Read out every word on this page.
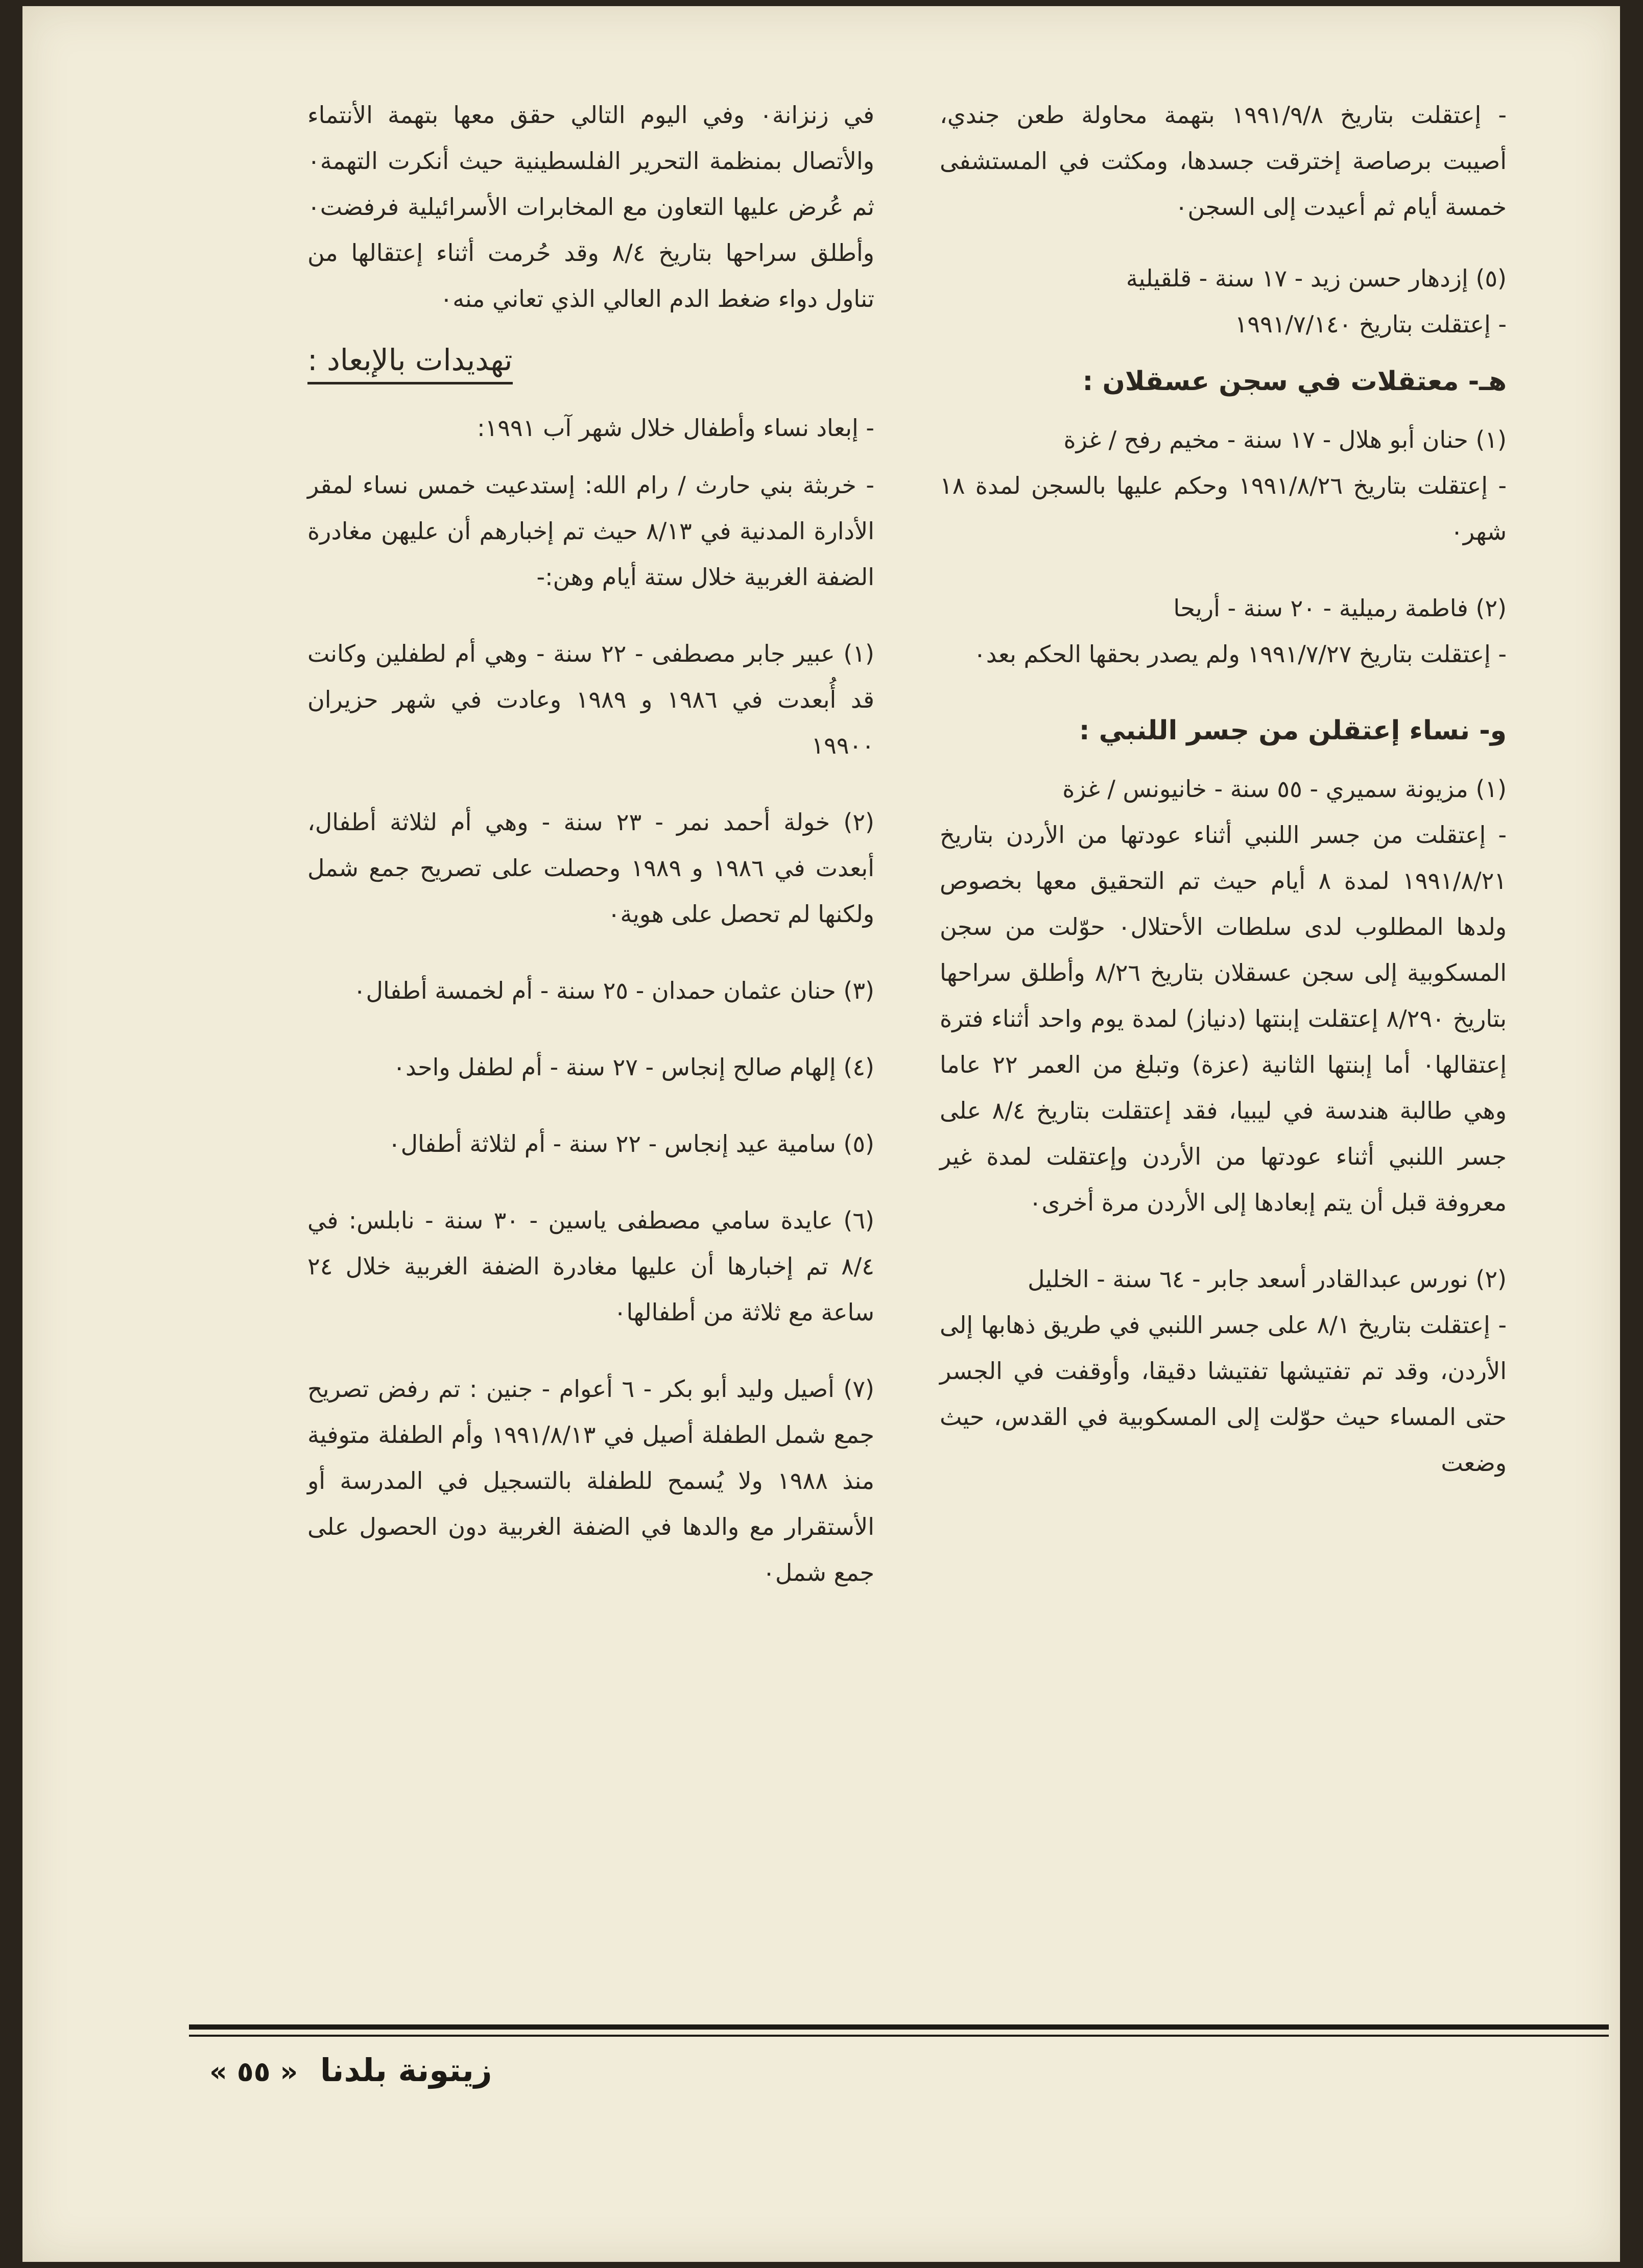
- إعتقلت بتاريخ ١٩٩١/٩/٨ بتهمة محاولة طعن جندي، أصيبت برصاصة إخترقت جسدها، ومكثت في المستشفى خمسة أيام ثم أعيدت إلى السجن٠

(٥) إزدهار حسن زيد - ١٧ سنة - قلقيلية

- إعتقلت بتاريخ ١٩٩١/٧/١٤٠

هـ- معتقلات في سجن عسقلان :

(١) حنان أبو هلال - ١٧ سنة - مخيم رفح / غزة

- إعتقلت بتاريخ ١٩٩١/٨/٢٦ وحكم عليها بالسجن لمدة ١٨ شهر٠

(٢) فاطمة رميلية - ٢٠ سنة - أريحا

- إعتقلت بتاريخ ١٩٩١/٧/٢٧ ولم يصدر بحقها الحكم بعد٠

و- نساء إعتقلن من جسر اللنبي :

(١) مزيونة سميري - ٥٥ سنة - خانيونس / غزة

- إعتقلت من جسر اللنبي أثناء عودتها من الأردن بتاريخ ١٩٩١/٨/٢١ لمدة ٨ أيام حيث تم التحقيق معها بخصوص ولدها المطلوب لدى سلطات الأحتلال٠ حوّلت من سجن المسكوبية إلى سجن عسقلان بتاريخ ٨/٢٦ وأطلق سراحها بتاريخ ٨/٢٩٠ إعتقلت إبنتها (دنياز) لمدة يوم واحد أثناء فترة إعتقالها٠ أما إبنتها الثانية (عزة) وتبلغ من العمر ٢٢ عاما وهي طالبة هندسة في ليبيا، فقد إعتقلت بتاريخ ٨/٤ على جسر اللنبي أثناء عودتها من الأردن وإعتقلت لمدة غير معروفة قبل أن يتم إبعادها إلى الأردن مرة أخرى٠

(٢) نورس عبدالقادر أسعد جابر - ٦٤ سنة - الخليل

- إعتقلت بتاريخ ٨/١ على جسر اللنبي في طريق ذهابها إلى الأردن، وقد تم تفتيشها تفتيشا دقيقا، وأوقفت في الجسر حتى المساء حيث حوّلت إلى المسكوبية في القدس، حيث وضعت

في زنزانة٠ وفي اليوم التالي حقق معها بتهمة الأنتماء والأتصال بمنظمة التحرير الفلسطينية حيث أنكرت التهمة٠ ثم عُرض عليها التعاون مع المخابرات الأسرائيلية فرفضت٠ وأطلق سراحها بتاريخ ٨/٤ وقد حُرمت أثناء إعتقالها من تناول دواء ضغط الدم العالي الذي تعاني منه٠

تهديدات بالإبعاد :

- إبعاد نساء وأطفال خلال شهر آب ١٩٩١:

- خربثة بني حارث / رام الله: إستدعيت خمس نساء لمقر الأدارة المدنية في ٨/١٣ حيث تم إخبارهم أن عليهن مغادرة الضفة الغربية خلال ستة أيام وهن:-

(١) عبير جابر مصطفى - ٢٢ سنة - وهي أم لطفلين وكانت قد أُبعدت في ١٩٨٦ و ١٩٨٩ وعادت في شهر حزيران ١٩٩٠٠

(٢) خولة أحمد نمر - ٢٣ سنة - وهي أم لثلاثة أطفال، أبعدت في ١٩٨٦ و ١٩٨٩ وحصلت على تصريح جمع شمل ولكنها لم تحصل على هوية٠

(٣) حنان عثمان حمدان - ٢٥ سنة - أم لخمسة أطفال٠

(٤) إلهام صالح إنجاس - ٢٧ سنة - أم لطفل واحد٠

(٥) سامية عيد إنجاس - ٢٢ سنة - أم لثلاثة أطفال٠

(٦) عايدة سامي مصطفى ياسين - ٣٠ سنة - نابلس: في ٨/٤ تم إخبارها أن عليها مغادرة الضفة الغربية خلال ٢٤ ساعة مع ثلاثة من أطفالها٠

(٧) أصيل وليد أبو بكر - ٦ أعوام - جنين : تم رفض تصريح جمع شمل الطفلة أصيل في ١٩٩١/٨/١٣ وأم الطفلة متوفية منذ ١٩٨٨ ولا يُسمح للطفلة بالتسجيل في المدرسة أو الأستقرار مع والدها في الضفة الغربية دون الحصول على جمع شمل٠

زيتونة بلدنا « ٥٥ »
